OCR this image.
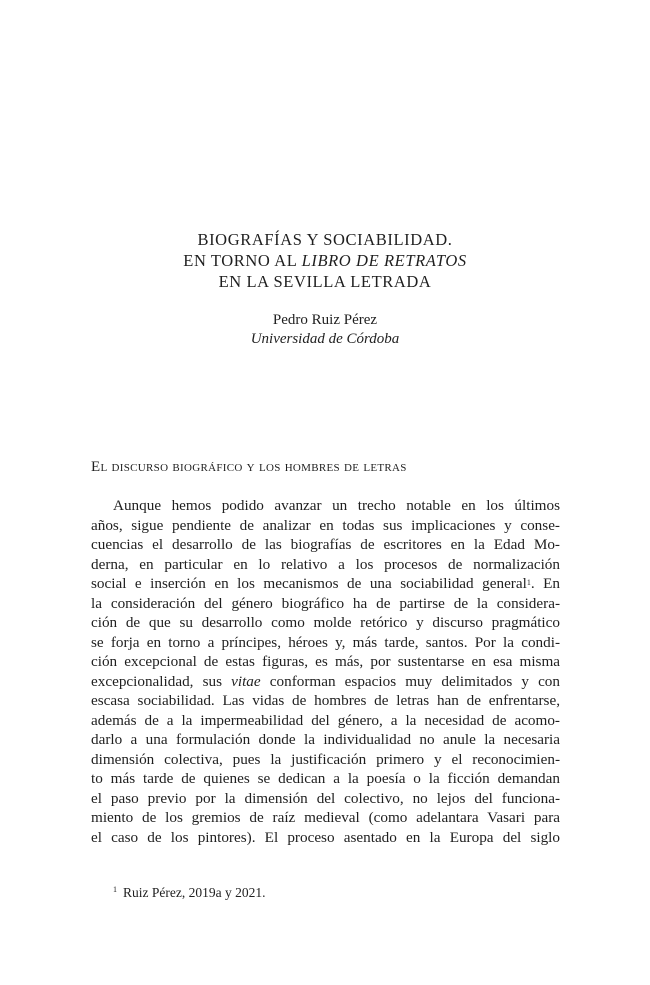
BIOGRAFÍAS Y SOCIABILIDAD.
EN TORNO AL LIBRO DE RETRATOS
EN LA SEVILLA LETRADA
Pedro Ruiz Pérez
Universidad de Córdoba
El discurso biográfico y los hombres de letras
Aunque hemos podido avanzar un trecho notable en los últimos
años, sigue pendiente de analizar en todas sus implicaciones y conse-
cuencias el desarrollo de las biografías de escritores en la Edad Mo-
derna, en particular en lo relativo a los procesos de normalización
social e inserción en los mecanismos de una sociabilidad general$^1$. En
la consideración del género biográfico ha de partirse de la considera-
ción de que su desarrollo como molde retórico y discurso pragmático
se forja en torno a príncipes, héroes y, más tarde, santos. Por la condi-
ción excepcional de estas figuras, es más, por sustentarse en esa misma
excepcionalidad, sus vitae conforman espacios muy delimitados y con
escasa sociabilidad. Las vidas de hombres de letras han de enfrentarse,
además de a la impermeabilidad del género, a la necesidad de acomo-
darlo a una formulación donde la individualidad no anule la necesaria
dimensión colectiva, pues la justificación primero y el reconocimien-
to más tarde de quienes se dedican a la poesía o la ficción demandan
el paso previo por la dimensión del colectivo, no lejos del funciona-
miento de los gremios de raíz medieval (como adelantara Vasari para
el caso de los pintores). El proceso asentado en la Europa del siglo
$^1$ Ruiz Pérez, 2019a y 2021.
